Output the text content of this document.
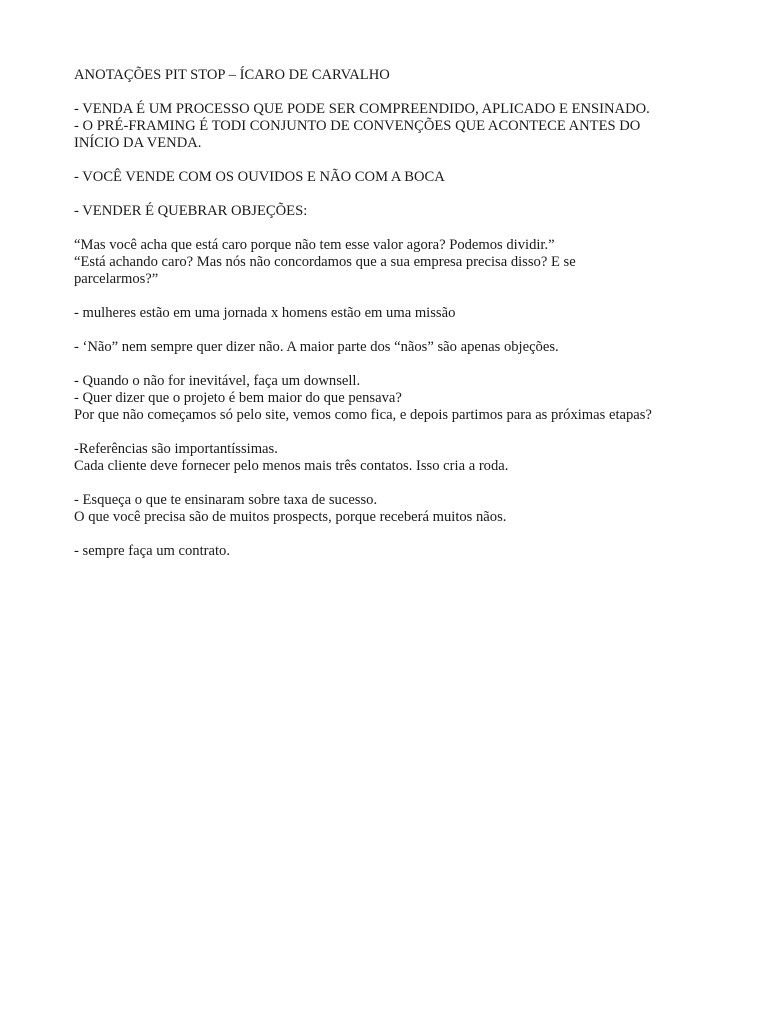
ANOTAÇÕES PIT STOP – ÍCARO DE CARVALHO
- VENDA É UM PROCESSO QUE PODE SER COMPREENDIDO, APLICADO E ENSINADO.
- O PRÉ-FRAMING É TODI CONJUNTO DE CONVENÇÕES QUE ACONTECE ANTES DO
INÍCIO DA VENDA.
- VOCÊ VENDE COM OS OUVIDOS E NÃO COM A BOCA
- VENDER É QUEBRAR OBJEÇÕES:
“Mas você acha que está caro porque não tem esse valor agora? Podemos dividir.”
“Está achando caro? Mas nós não concordamos que a sua empresa precisa disso? E se
parcelarmos?”
- mulheres estão em uma jornada x homens estão em uma missão
- ‘Não” nem sempre quer dizer não. A maior parte dos “nãos” são apenas objeções.
- Quando o não for inevitável, faça um downsell.
- Quer dizer que o projeto é bem maior do que pensava?
Por que não começamos só pelo site, vemos como fica, e depois partimos para as próximas etapas?
-Referências são importantíssimas.
Cada cliente deve fornecer pelo menos mais três contatos. Isso cria a roda.
- Esqueça o que te ensinaram sobre taxa de sucesso.
O que você precisa são de muitos prospects, porque receberá muitos nãos.
- sempre faça um contrato.
